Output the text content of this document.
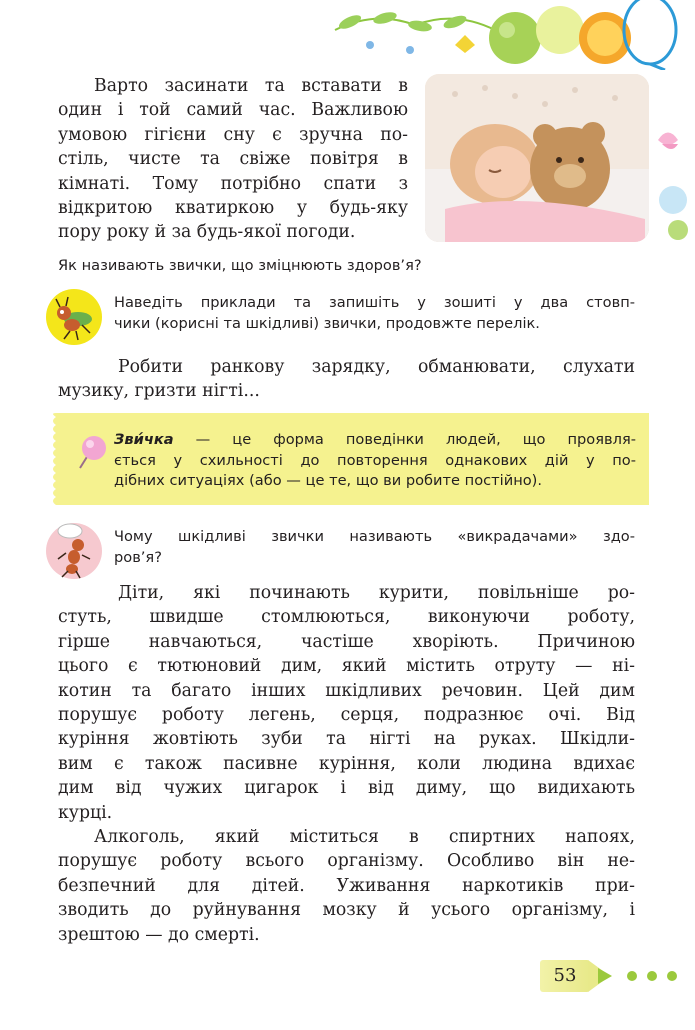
Варто засинати та вставати в
один і той самий час. Важливою
умовою гігієни сну є зручна по-
стіль, чисте та свіже повітря в
кімнаті. Тому потрібно спати з
відкритою кватиркою у будь-яку
пору року й за будь-якої погоди.
Як називають звички, що зміцнюють здоров’я?
Наведіть приклади та запишіть у зошиті у два стовп-
чики (корисні та шкідливі) звички, продовжте перелік.
Робити ранкову зарядку, обманювати, слухати
музику, гризти нігті...
Зви́чка — це форма поведінки людей, що проявля-
ється у схильності до повторення однакових дій у по-
дібних ситуаціях (або — це те, що ви робите постійно).
Чому шкідливі звички називають «викрадачами» здо-
ров’я?
Діти, які починають курити, повільніше ро-
стуть, швидше стомлюються, виконуючи роботу,
гірше навчаються, частіше хворіють. Причиною
цього є тютюновий дим, який містить отруту — ні-
котин та багато інших шкідливих речовин. Цей дим
порушує роботу легень, серця, подразнює очі. Від
куріння жовтіють зуби та нігті на руках. Шкідли-
вим є також пасивне куріння, коли людина вдихає
дим від чужих цигарок і від диму, що видихають
курці.
Алкоголь, який міститься в спиртних напоях,
порушує роботу всього організму. Особливо він не-
безпечний для дітей. Уживання наркотиків при-
зводить до руйнування мозку й усього організму, і
зрештою — до смерті.
53
